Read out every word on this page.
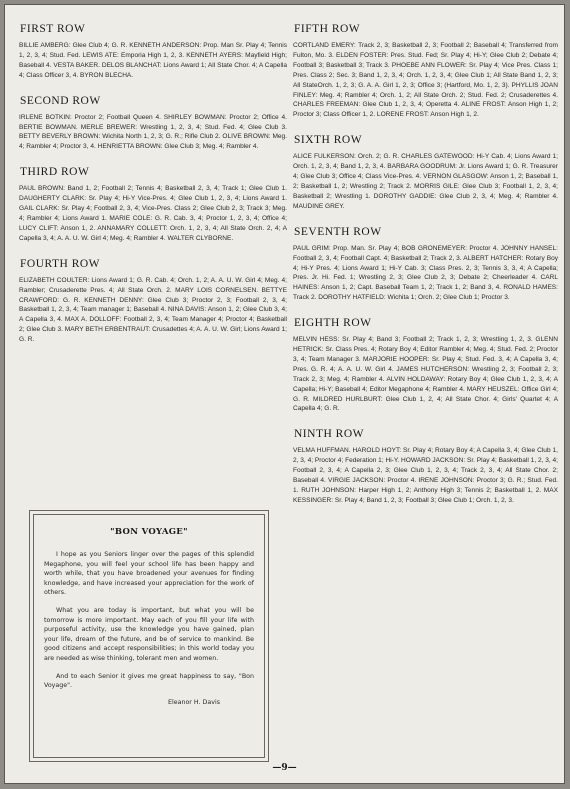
FIRST ROW

BILLIE AMBERG: Glee Club 4; G. R. KENNETH ANDERSON: Prop. Man Sr. Play 4; Tennis 1, 2, 3, 4; Stud. Fed. LEWIS ATE: Emporia High 1, 2, 3. KENNETH AYERS: Mayfield High; Baseball 4. VESTA BAKER. DELOS BLANCHAT: Lions Award 1; All State Chor. 4; A Capella 4; Class Officer 3, 4. BYRON BLECHA.

SECOND ROW

IRLENE BOTKIN: Proctor 2; Football Queen 4. SHIRLEY BOWMAN: Proctor 2; Office 4. BERTIE BOWMAN. MERLE BREWER: Wrestling 1, 2, 3, 4; Stud. Fed. 4; Glee Club 3. BETTY BEVERLY BROWN: Wichita North 1, 2, 3; G. R.; Rifle Club 2. OLIVE BROWN: Meg. 4; Rambler 4; Proctor 3, 4. HENRIETTA BROWN: Glee Club 3; Meg. 4; Rambler 4.

THIRD ROW

PAUL BROWN: Band 1, 2; Football 2; Tennis 4; Basketball 2, 3, 4; Track 1; Glee Club 1. DAUGHERTY CLARK: Sr. Play 4; Hi-Y Vice-Pres. 4; Glee Club 1, 2, 3, 4; Lions Award 1. GAIL CLARK: Sr. Play 4; Football 2, 3, 4; Vice-Pres. Class 2; Glee Club 2, 3; Track 3; Meg. 4; Rambler 4; Lions Award 1. MARIE COLE: G. R. Cab. 3, 4; Proctor 1, 2, 3, 4; Office 4; LUCY CLIFT: Anson 1, 2. ANNAMARY COLLETT: Orch. 1, 2, 3, 4; All State Orch. 2, 4; A Capella 3, 4; A. A. U. W. Girl 4; Meg. 4; Rambler 4. WALTER CLYBORNE.

FOURTH ROW

ELIZABETH COULTER: Lions Award 1; G. R. Cab. 4; Orch. 1, 2; A. A. U. W. Girl 4; Meg. 4; Rambler; Crusaderette Pres. 4; All State Orch. 2. MARY LOIS CORNELSEN. BETTYE CRAWFORD: G. R. KENNETH DENNY: Glee Club 3; Proctor 2, 3; Football 2, 3, 4; Basketball 1, 2, 3, 4; Team manager 1; Baseball 4. NINA DAVIS: Anson 1, 2; Glee Club 3, 4; A Capella 3, 4. MAX A. DOLLOFF: Football 2, 3, 4; Team Manager 4; Proctor 4; Basketball 2; Glee Club 3. MARY BETH ERBENTRAUT: Crusadettes 4; A. A. U. W. Girl; Lions Award 1; G. R.

"BON VOYAGE"

I hope as you Seniors linger over the pages of this splendid Megaphone, you will feel your school life has been happy and worth while, that you have broadened your avenues for finding knowledge, and have increased your appreciation for the work of others.

What you are today is important, but what you will be tomorrow is more important. May each of you fill your life with purposeful activity, use the knowledge you have gained, plan your life, dream of the future, and be of service to mankind. Be good citizens and accept responsibilities; in this world today you are needed as wise thinking, tolerant men and women.

And to each Senior it gives me great happiness to say, "Bon Voyage".

Eleanor H. Davis
FIFTH ROW

CORTLAND EMERY: Track 2, 3; Basketball 2, 3; Football 2; Baseball 4; Transferred from Fulton, Mo. 3. ELDEN FOSTER: Pres. Stud. Fed; Sr. Play 4; Hi-Y; Glee Club 2; Debate 4; Football 3; Basketball 3; Track 3. PHOEBE ANN FLOWER: Sr. Play 4; Vice Pres. Class 1; Pres. Class 2; Sec. 3; Band 1, 2, 3, 4; Orch. 1, 2, 3, 4; Glee Club 1; All State Band 1, 2, 3; All StateOrch. 1, 2, 3; G. A. A. Girl 1, 2, 3; Office 3; (Hartford, Mo. 1, 2, 3). PHYLLIS JOAN FINLEY: Meg. 4; Rambler 4; Orch. 1, 2; All State Orch. 2; Stud. Fed. 2; Crusaderettes 4. CHARLES FREEMAN: Glee Club 1, 2, 3, 4; Operetta 4. ALINE FROST: Anson High 1, 2; Proctor 3; Class Officer 1, 2. LORENE FROST: Anson High 1, 2.

SIXTH ROW

ALICE FULKERSON: Orch. 2; G. R. CHARLES GATEWOOD: Hi-Y Cab. 4; Lions Award 1; Orch. 1, 2, 3, 4; Band 1, 2, 3, 4. BARBARA GOODRUM: Jr. Lions Award 1; G. R. Treasurer 4; Glee Club 3; Office 4; Class Vice-Pres. 4. VERNON GLASGOW: Anson 1, 2; Baseball 1, 2; Basketball 1, 2; Wrestling 2; Track 2. MORRIS GILE: Glee Club 3; Football 1, 2, 3, 4; Basketball 2; Wrestling 1. DOROTHY GADDIE: Glee Club 2, 3, 4; Meg. 4; Rambler 4. MAUDINE GREY.

SEVENTH ROW

PAUL GRIM: Prop. Man. Sr. Play 4; BOB GRONEMEYER: Proctor 4. JOHNNY HANSEL: Football 2, 3, 4; Football Capt. 4; Basketball 2; Track 2, 3. ALBERT HATCHER: Rotary Boy 4; Hi-Y Pres. 4; Lions Award 1; Hi-Y Cab. 3; Class Pres. 2, 3; Tennis 3, 3, 4; A Capella; Pres. Jr. Hi. Fed. 1; Wrestling 2, 3; Glee Club 2, 3; Debate 2; Cheerleader 4. CARL HAINES: Anson 1, 2; Capt. Baseball Team 1, 2; Track 1, 2; Band 3, 4. RONALD HAMES: Track 2. DOROTHY HATFIELD: Wichita 1; Orch. 2; Glee Club 1; Proctor 3.

EIGHTH ROW

MELVIN HESS: Sr. Play 4; Band 3; Football 2; Track 1, 2, 3; Wrestling 1, 2, 3. GLENN HETRICK: Sr. Class Pres. 4; Rotary Boy 4; Editor Rambler 4; Meg. 4; Stud. Fed. 2; Proctor 3, 4; Team Manager 3. MARJORIE HOOPER: Sr. Play 4; Stud. Fed. 3, 4; A Capella 3, 4; Pres. G. R. 4; A. A. U. W. Girl 4. JAMES HUTCHERSON: Wrestling 2, 3; Football 2, 3; Track 2, 3; Meg. 4; Rambler 4. ALVIN HOLDAWAY: Rotary Boy 4; Glee Club 1, 2, 3, 4; A Capella; Hi-Y; Baseball 4; Editor Megaphone 4; Rambler 4. MARY HEUSZEL: Office Girl 4; G. R. MILDRED HURLBURT: Glee Club 1, 2, 4; All State Chor. 4; Girls' Quartet 4; A Capella 4; G. R.

NINTH ROW

VELMA HUFFMAN. HAROLD HOYT: Sr. Play 4; Rotary Boy 4; A Capella 3, 4; Glee Club 1, 2, 3, 4; Proctor 4; Federation 1; Hi-Y. HOWARD JACKSON: Sr. Play 4; Basketball 1, 2, 3, 4; Football 2, 3, 4; A Capella 2, 3; Glee Club 1, 2, 3, 4; Track 2, 3, 4; All State Chor. 2; Baseball 4. VIRGIE JACKSON: Proctor 4. IRENE JOHNSON: Proctor 3; G. R.; Stud. Fed. 1. RUTH JOHNSON: Harper High 1, 2; Anthony High 3; Tennis 2; Basketball 1, 2. MAX KESSINGER: Sr. Play 4; Band 1, 2, 3; Football 3; Glee Club 1; Orch. 1, 2, 3.

—9—
